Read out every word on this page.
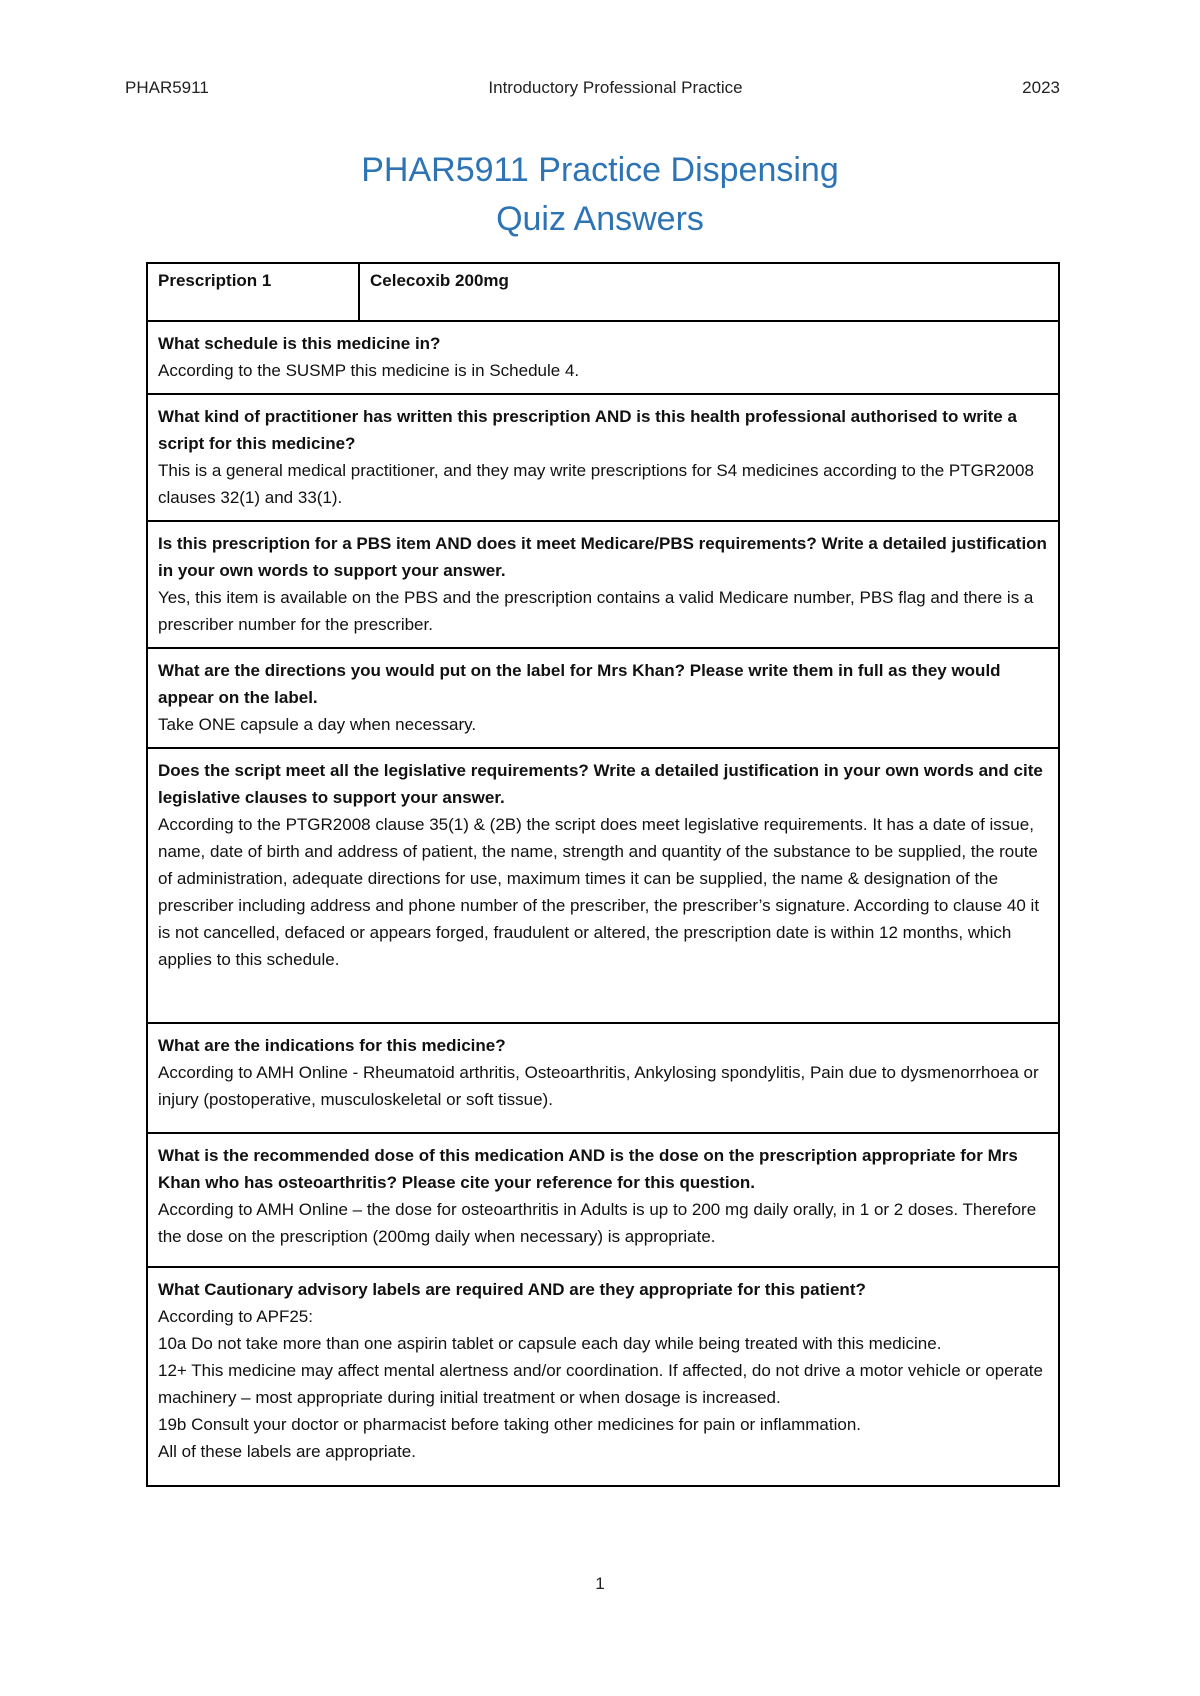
PHAR5911	Introductory Professional Practice	2023
PHAR5911 Practice Dispensing
Quiz Answers
Prescription 1	Celecoxib 200mg
What schedule is this medicine in?
According to the SUSMP this medicine is in Schedule 4.
What kind of practitioner has written this prescription AND is this health professional authorised to write a script for this medicine?
This is a general medical practitioner, and they may write prescriptions for S4 medicines according to the PTGR2008 clauses 32(1) and 33(1).
Is this prescription for a PBS item AND does it meet Medicare/PBS requirements? Write a detailed justification in your own words to support your answer.
Yes, this item is available on the PBS and the prescription contains a valid Medicare number, PBS flag and there is a prescriber number for the prescriber.
What are the directions you would put on the label for Mrs Khan? Please write them in full as they would appear on the label.
Take ONE capsule a day when necessary.
Does the script meet all the legislative requirements? Write a detailed justification in your own words and cite legislative clauses to support your answer.
According to the PTGR2008 clause 35(1) & (2B) the script does meet legislative requirements. It has a date of issue, name, date of birth and address of patient, the name, strength and quantity of the substance to be supplied, the route of administration, adequate directions for use, maximum times it can be supplied, the name & designation of the prescriber including address and phone number of the prescriber, the prescriber’s signature. According to clause 40 it is not cancelled, defaced or appears forged, fraudulent or altered, the prescription date is within 12 months, which applies to this schedule.
What are the indications for this medicine?
According to AMH Online - Rheumatoid arthritis, Osteoarthritis, Ankylosing spondylitis, Pain due to dysmenorrhoea or injury (postoperative, musculoskeletal or soft tissue).
What is the recommended dose of this medication AND is the dose on the prescription appropriate for Mrs Khan who has osteoarthritis? Please cite your reference for this question.
According to AMH Online – the dose for osteoarthritis in Adults is up to 200 mg daily orally, in 1 or 2 doses. Therefore the dose on the prescription (200mg daily when necessary) is appropriate.
What Cautionary advisory labels are required AND are they appropriate for this patient?
According to APF25:
10a Do not take more than one aspirin tablet or capsule each day while being treated with this medicine.
12+ This medicine may affect mental alertness and/or coordination. If affected, do not drive a motor vehicle or operate machinery – most appropriate during initial treatment or when dosage is increased.
19b Consult your doctor or pharmacist before taking other medicines for pain or inflammation.
All of these labels are appropriate.
1
